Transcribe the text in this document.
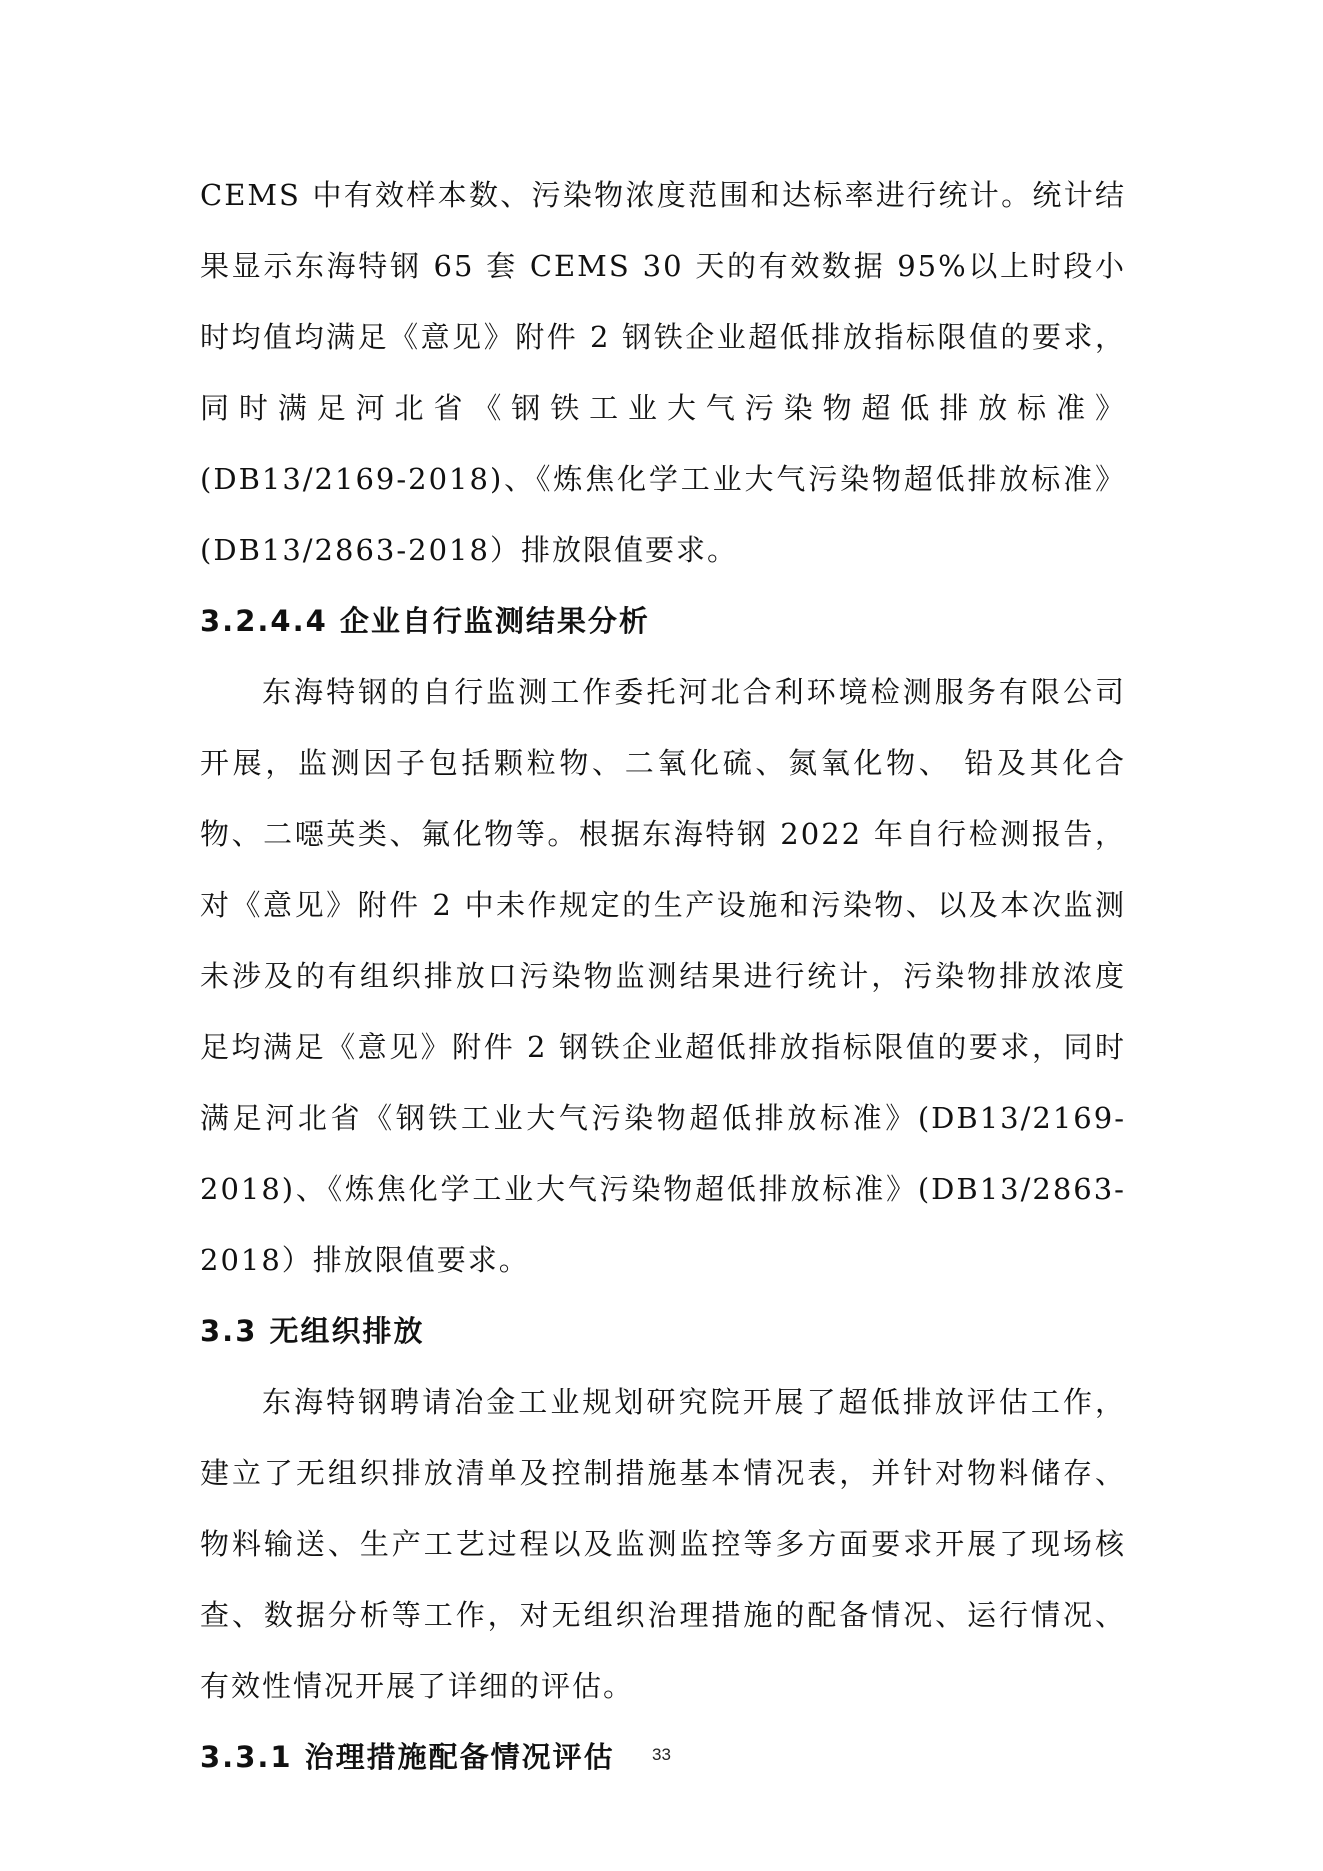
CEMS 中有效样本数、污染物浓度范围和达标率进行统计。统计结果显示东海特钢 65 套 CEMS 30 天的有效数据 95%以上时段小时均值均满足《意见》附件 2 钢铁企业超低排放指标限值的要求，同时满足河北省《钢铁工业大气污染物超低排放标准》(DB13/2169-2018)、《炼焦化学工业大气污染物超低排放标准》(DB13/2863-2018）排放限值要求。

3.2.4.4 企业自行监测结果分析

东海特钢的自行监测工作委托河北合利环境检测服务有限公司开展，监测因子包括颗粒物、二氧化硫、氮氧化物、 铅及其化合物、二噁英类、氟化物等。根据东海特钢 2022 年自行检测报告，对《意见》附件 2 中未作规定的生产设施和污染物、以及本次监测未涉及的有组织排放口污染物监测结果进行统计，污染物排放浓度足均满足《意见》附件 2 钢铁企业超低排放指标限值的要求，同时满足河北省《钢铁工业大气污染物超低排放标准》(DB13/2169-2018)、《炼焦化学工业大气污染物超低排放标准》(DB13/2863-2018）排放限值要求。

3.3 无组织排放

东海特钢聘请冶金工业规划研究院开展了超低排放评估工作，建立了无组织排放清单及控制措施基本情况表，并针对物料储存、物料输送、生产工艺过程以及监测监控等多方面要求开展了现场核查、数据分析等工作，对无组织治理措施的配备情况、运行情况、有效性情况开展了详细的评估。

3.3.1 治理措施配备情况评估	33
